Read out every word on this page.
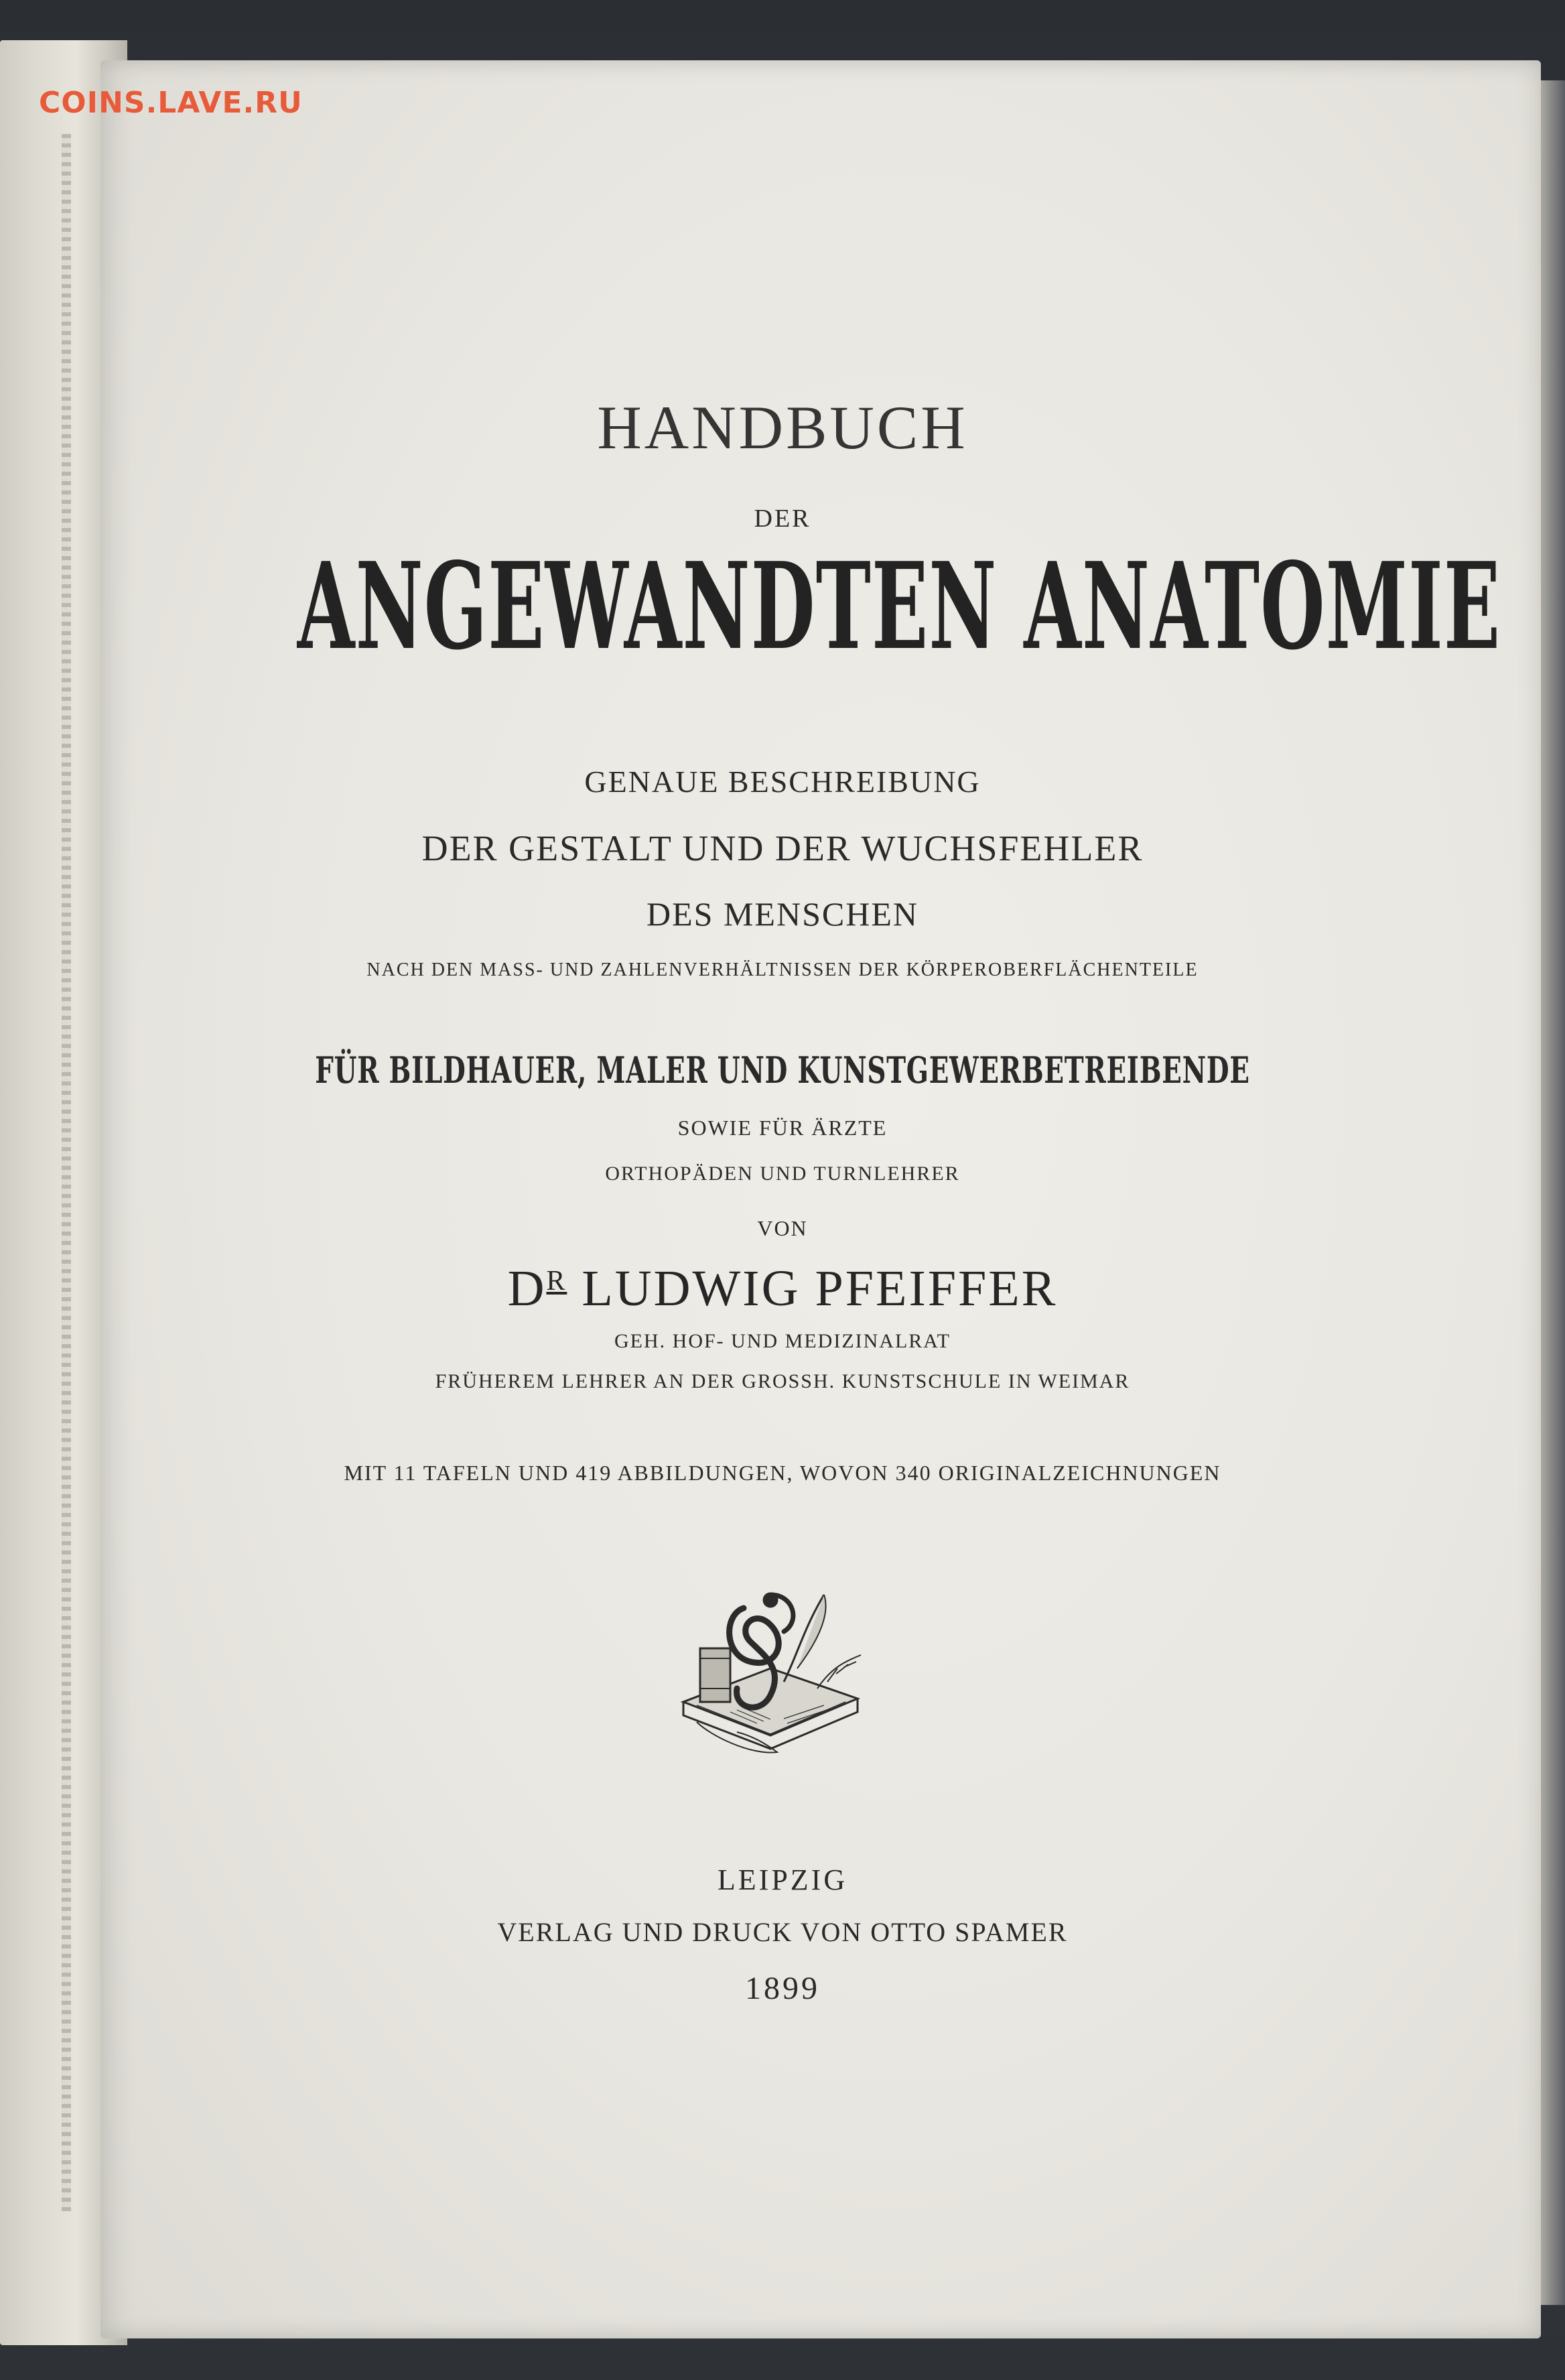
HANDBUCH
DER
ANGEWANDTEN ANATOMIE
GENAUE BESCHREIBUNG
DER GESTALT UND DER WUCHSFEHLER
DES MENSCHEN
NACH DEN MASS- UND ZAHLENVERHÄLTNISSEN DER KÖRPEROBERFLÄCHENTEILE
FÜR BILDHAUER, MALER UND KUNSTGEWERBETREIBENDE
SOWIE FÜR ÄRZTE
ORTHOPÄDEN UND TURNLEHRER
VON
$D^R$ LUDWIG PFEIFFER
GEH. HOF- UND MEDIZINALRAT
FRÜHEREM LEHRER AN DER GROSSH. KUNSTSCHULE IN WEIMAR
MIT 11 TAFELN UND 419 ABBILDUNGEN, WOVON 340 ORIGINALZEICHNUNGEN
LEIPZIG
VERLAG UND DRUCK VON OTTO SPAMER
1899
COINS.LAVE.RU
